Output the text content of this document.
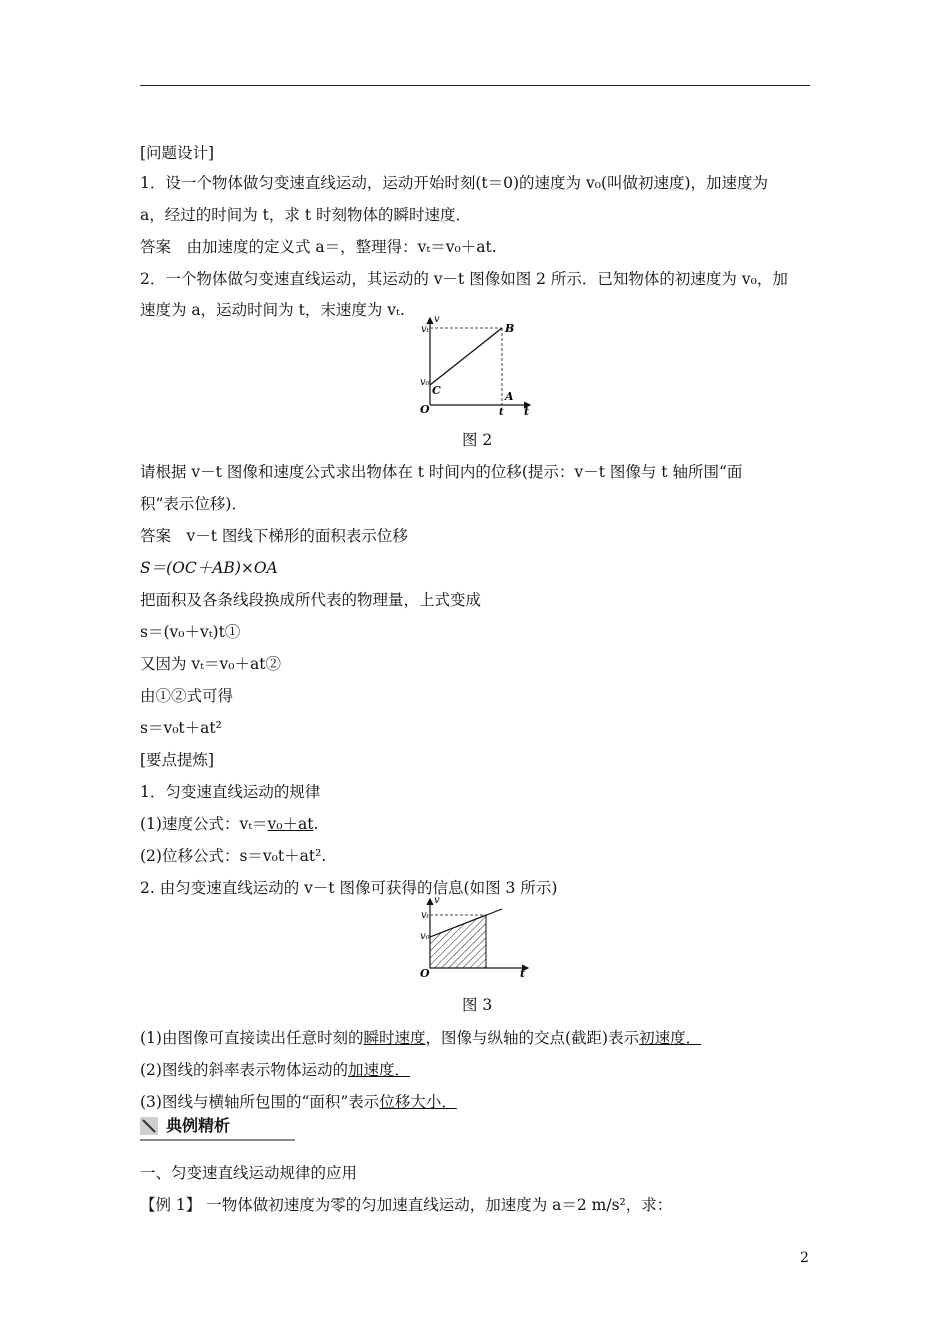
[问题设计]
1．设一个物体做匀变速直线运动，运动开始时刻(t＝0)的速度为 v₀(叫做初速度)，加速度为
a，经过的时间为 t，求 t 时刻物体的瞬时速度．
答案　由加速度的定义式 a＝，整理得：vₜ＝v₀＋at.
2．一个物体做匀变速直线运动，其运动的 v－t 图像如图 2 所示．已知物体的初速度为 v₀，加
速度为 a，运动时间为 t，末速度为 vₜ.
vₜ
v
v₀
C
B
A
O	t t
图 2
请根据 v－t 图像和速度公式求出物体在 t 时间内的位移(提示：v－t 图像与 t 轴所围“面
积”表示位移)．
答案　v－t 图线下梯形的面积表示位移
S＝(OC＋AB)×OA
把面积及各条线段换成所代表的物理量，上式变成
s＝(v₀＋vₜ)t①
又因为 vₜ＝v₀＋at②
由①②式可得
s＝v₀t＋at²
[要点提炼]
1．匀变速直线运动的规律
(1)速度公式：vₜ＝v₀＋at.
(2)位移公式：s＝v₀t＋at².
2. 由匀变速直线运动的 v－t 图像可获得的信息(如图 3 所示)
vₜ
v
v₀
O	t
图 3
(1)由图像可直接读出任意时刻的瞬时速度，图像与纵轴的交点(截距)表示初速度．
(2)图线的斜率表示物体运动的加速度．
(3)图线与横轴所包围的“面积”表示位移大小．
典例精析
一、匀变速直线运动规律的应用
【例 1】 一物体做初速度为零的匀加速直线运动，加速度为 a＝2 m/s²，求：
2
